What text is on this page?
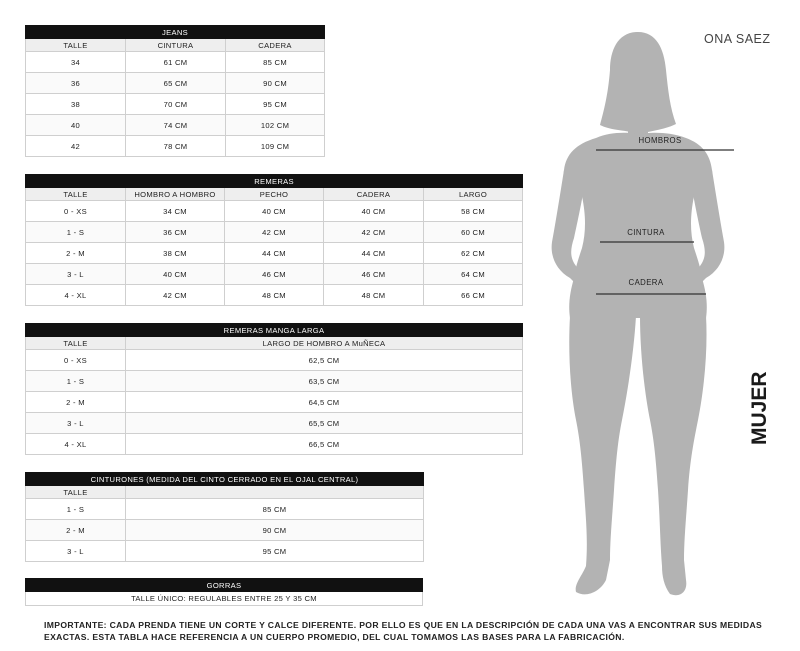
JEANS		
TALLE	CINTURA	CADERA
34	61 CM	85 CM
36	65 CM	90 CM
38	70 CM	95 CM
40	74 CM	102 CM
42	78 CM	109 CM
REMERAS				
TALLE	HOMBRO A HOMBRO	PECHO	CADERA	LARGO
0 - XS	34 CM	40 CM	40 CM	58 CM
1 - S	36 CM	42 CM	42 CM	60 CM
2 - M	38 CM	44 CM	44 CM	62 CM
3 - L	40 CM	46 CM	46 CM	64 CM
4 - XL	42 CM	48 CM	48 CM	66 CM
REMERAS MANGA LARGA	
TALLE	LARGO DE HOMBRO A MuÑECA
0 - XS	62,5 CM
1 - S	63,5 CM
2 - M	64,5 CM
3 - L	65,5 CM
4 - XL	66,5 CM
CINTURONES (MEDIDA DEL CINTO CERRADO EN EL OJAL CENTRAL)	
TALLE	
1 - S	85 CM
2 - M	90 CM
3 - L	95 CM
GORRAS
TALLE ÚNICO: REGULABLES ENTRE 25 Y 35 CM

IMPORTANTE: CADA PRENDA TIENE UN CORTE Y CALCE DIFERENTE. POR ELLO ES QUE EN LA DESCRIPCIÓN DE CADA UNA VAS A ENCONTRAR SUS MEDIDAS EXACTAS. ESTA TABLA HACE REFERENCIA A UN CUERPO PROMEDIO, DEL CUAL TOMAMOS LAS BASES PARA LA FABRICACIÓN.

ONA SAEZ
HOMBROS
CINTURA
CADERA
MUJER
